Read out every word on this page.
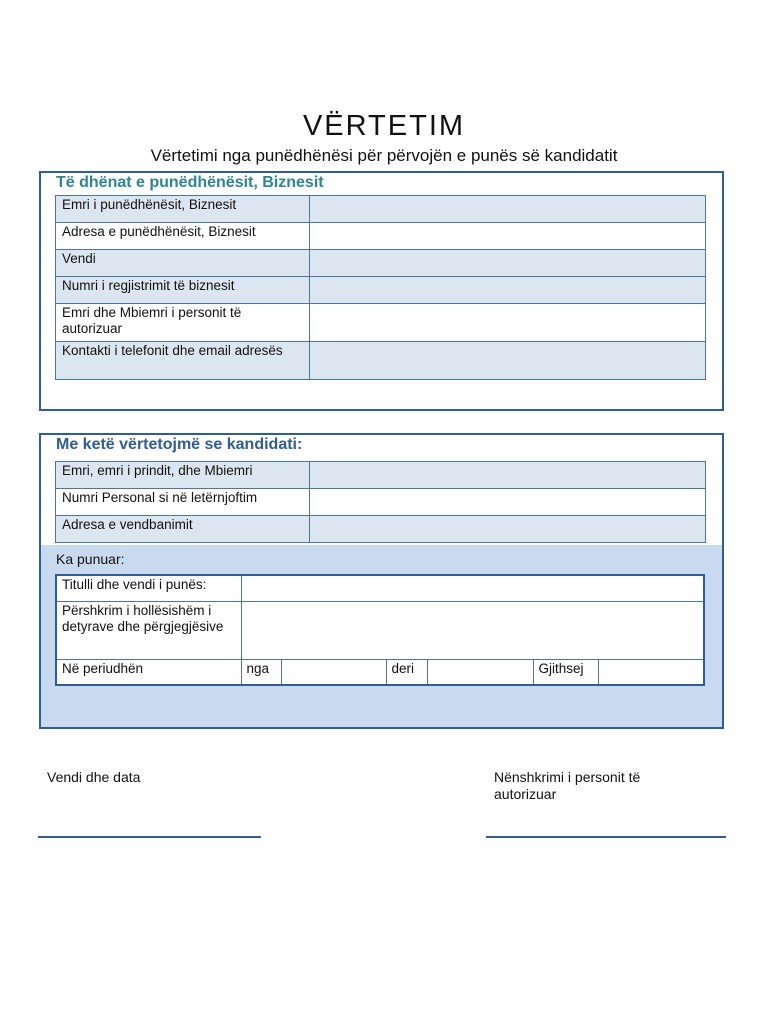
VËRTETIM
Vërtetimi nga punëdhënësi për përvojën e punës së kandidatit
Të dhënat e punëdhënësit, Biznesit
Emri i punëdhënësit, Biznesit	
Adresa e punëdhënësit, Biznesit	
Vendi	
Numri i regjistrimit të biznesit	
Emri dhe Mbiemri i personit të autorizuar	
Kontakti i telefonit dhe email adresës	
Me ketë vërtetojmë se kandidati:
Emri, emri i prindit, dhe Mbiemri	
Numri Personal si në letërnjoftim	
Adresa e vendbanimit	
Ka punuar:
Titulli dhe vendi i punës:						
Përshkrim i hollësishëm i detyrave dhe përgjegjësive						
Në periudhën	nga		deri		Gjithsej	
Vendi dhe data	Nënshkrimi i personit të autorizuar
